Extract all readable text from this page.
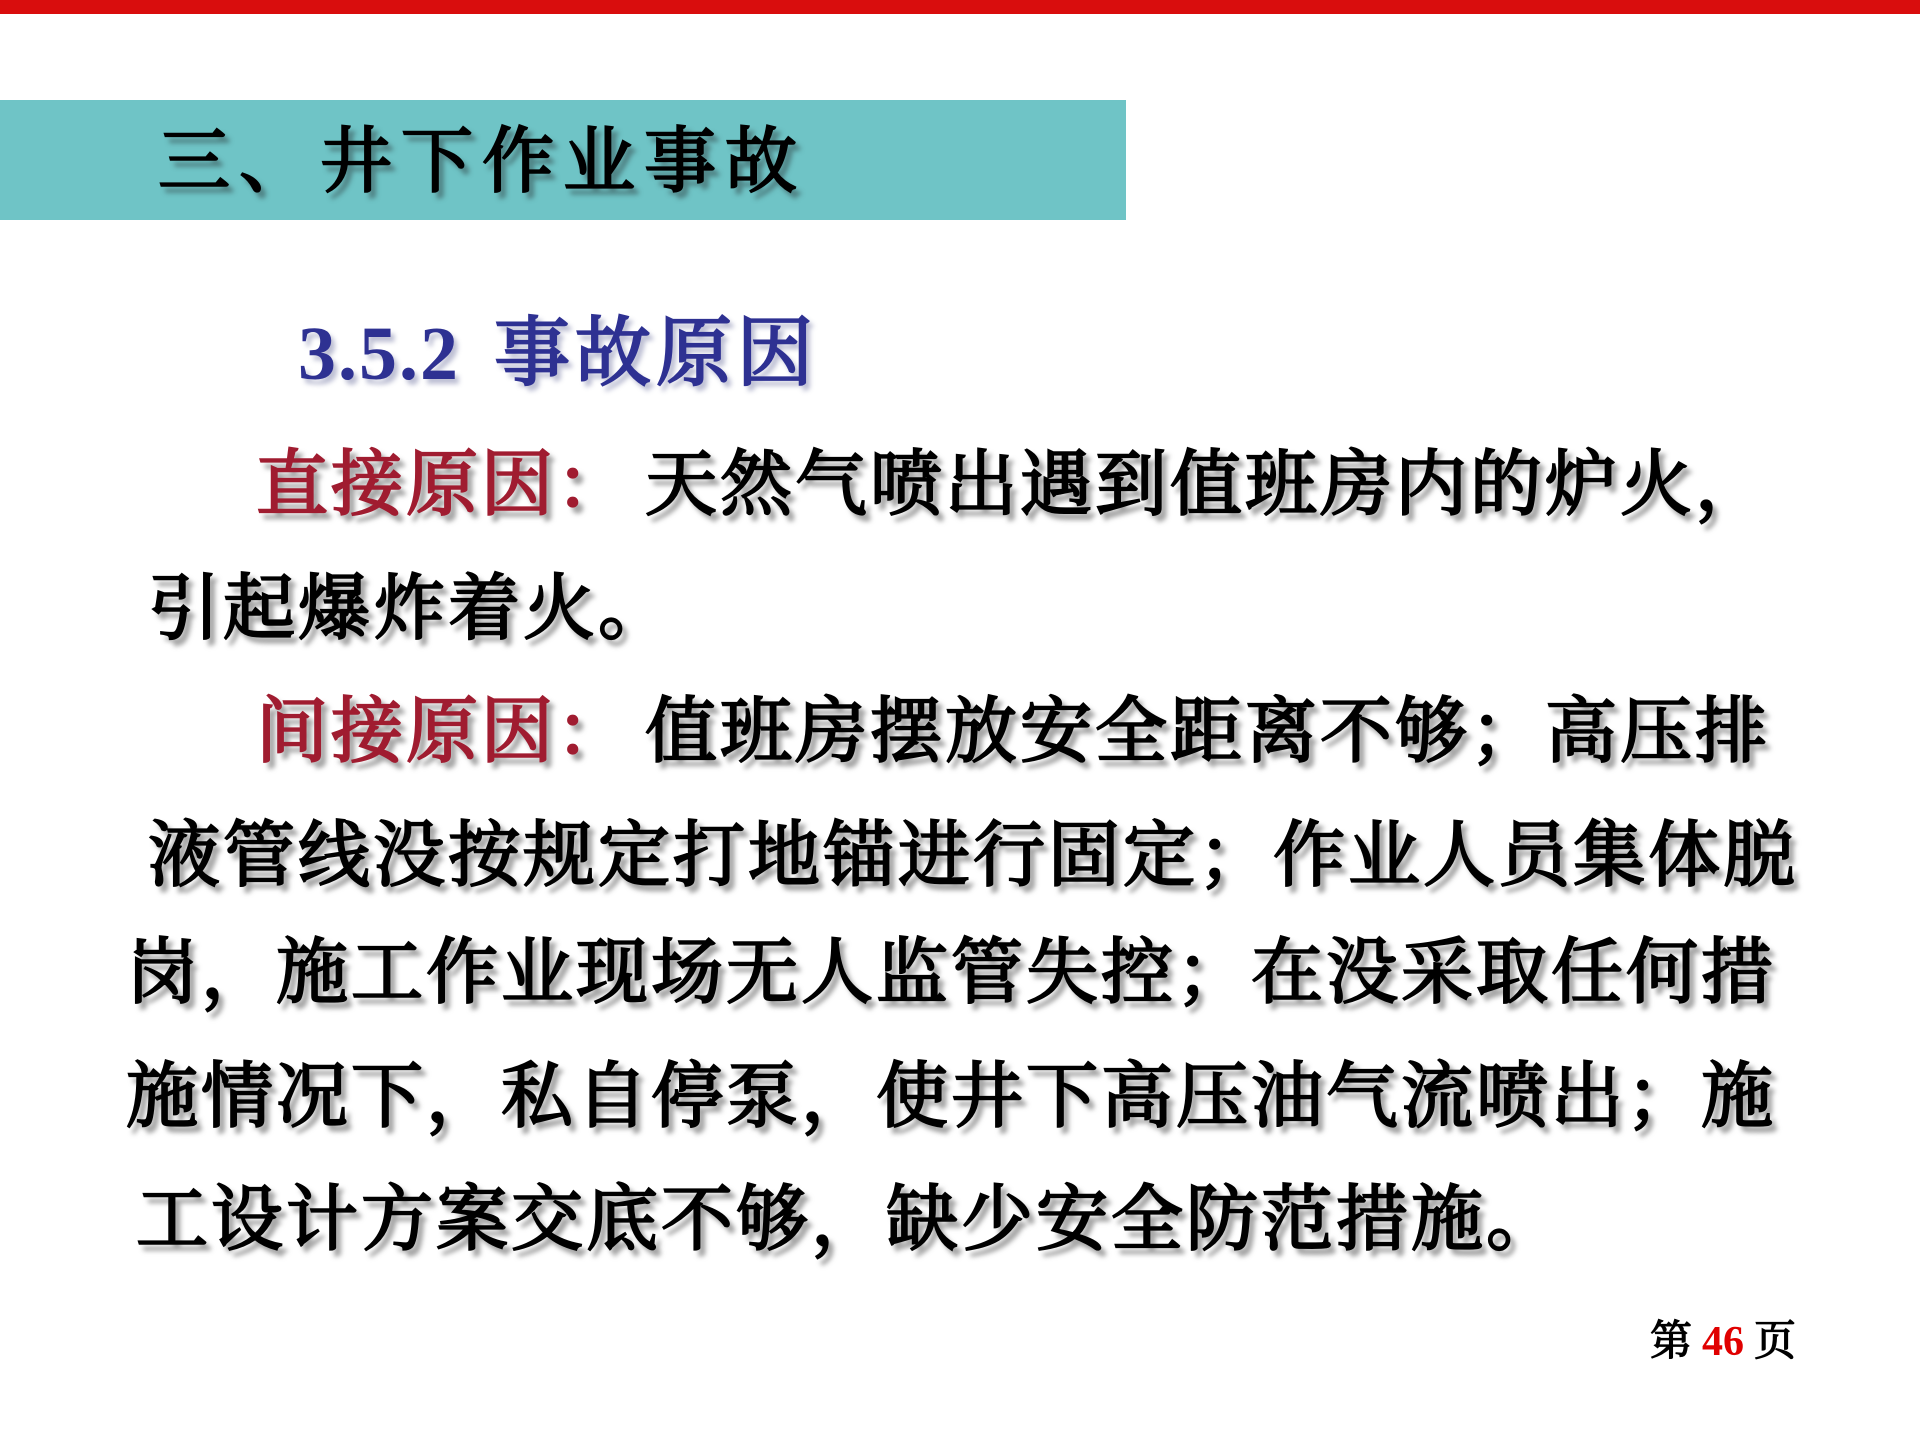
三、井下作业事故
3.5.2 事故原因
直接原因： 天然气喷出遇到值班房内的炉火，
引起爆炸着火。
间接原因： 值班房摆放安全距离不够；高压排
液管线没按规定打地锚进行固定；作业人员集体脱
岗，施工作业现场无人监管失控；在没采取任何措
施情况下，私自停泵，使井下高压油气流喷出；施
工设计方案交底不够，缺少安全防范措施。
第 46 页
